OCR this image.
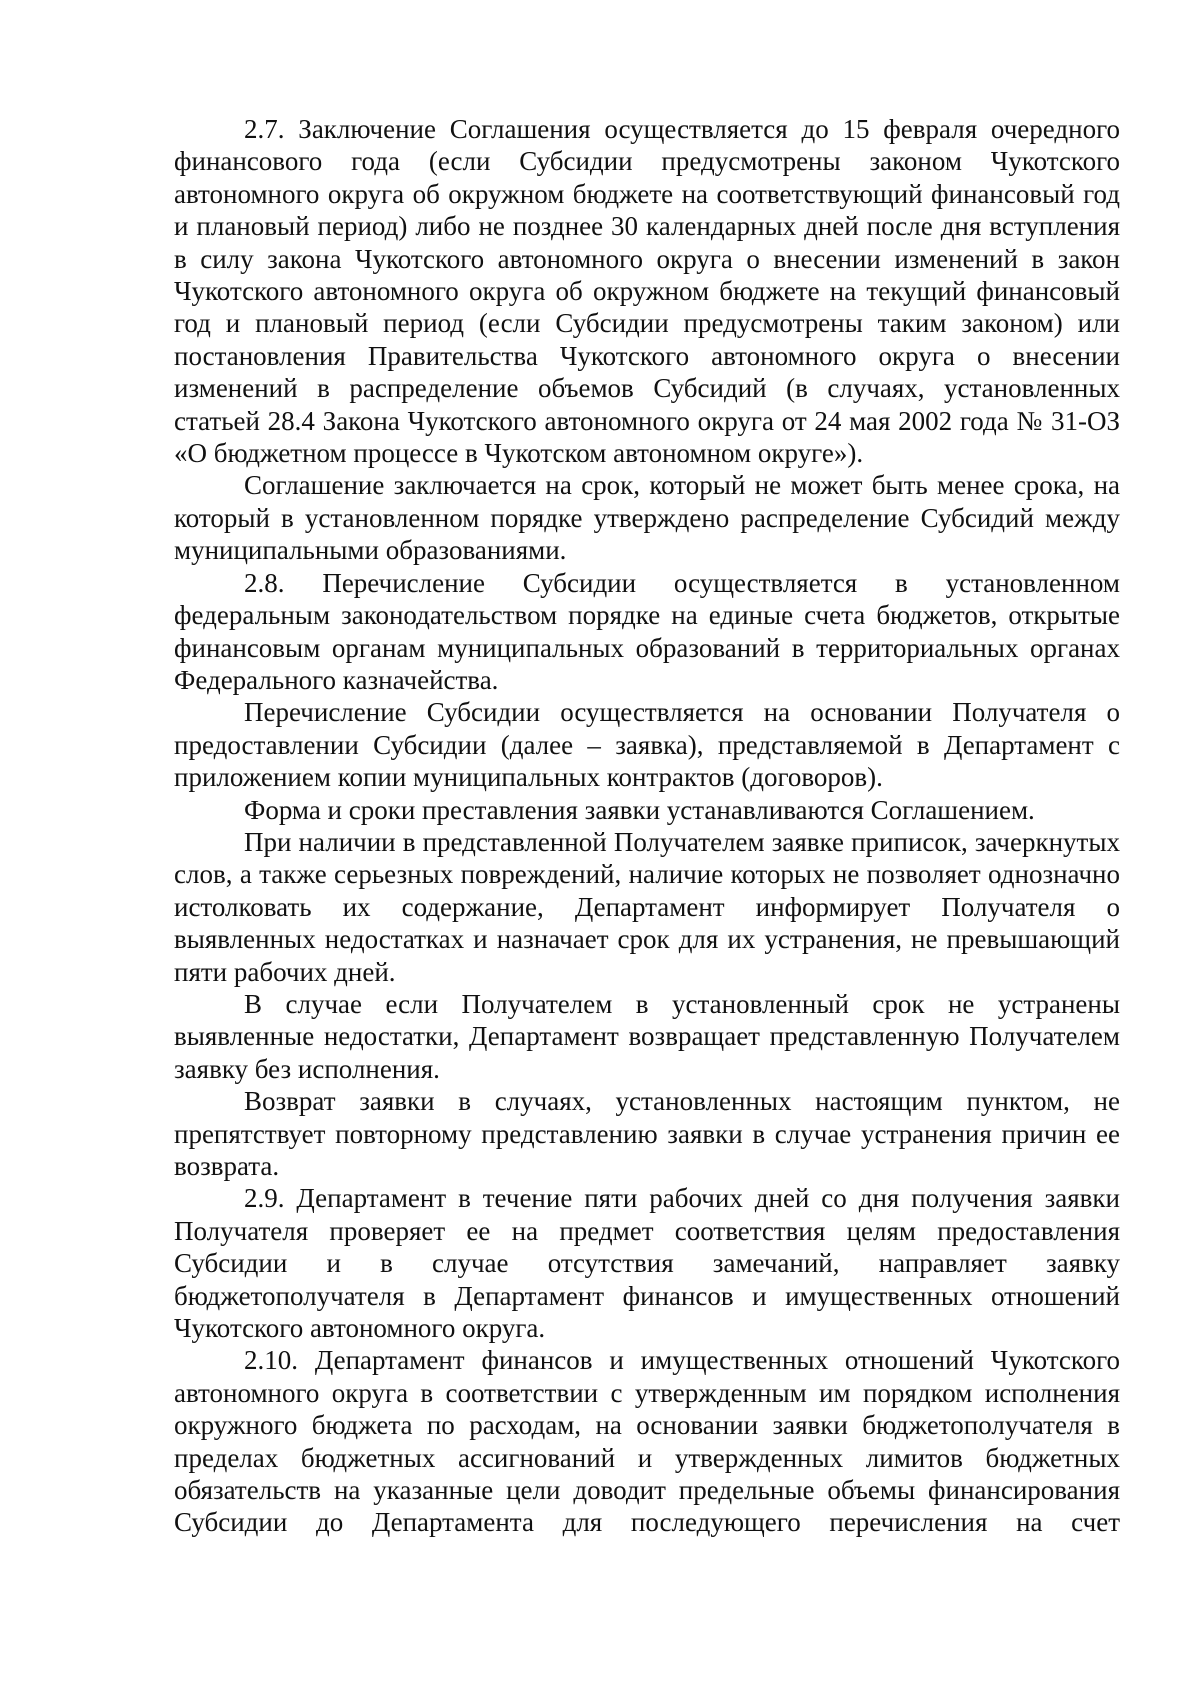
2.7. Заключение Соглашения осуществляется до 15 февраля очередного финансового года (если Субсидии предусмотрены законом Чукотского автономного округа об окружном бюджете на соответствующий финансовый год и плановый период) либо не позднее 30 календарных дней после дня вступления в силу закона Чукотского автономного округа о внесении изменений в закон Чукотского автономного округа об окружном бюджете на текущий финансовый год и плановый период (если Субсидии предусмотрены таким законом) или постановления Правительства Чукотского автономного округа о внесении изменений в распределение объемов Субсидий (в случаях, установленных статьей 28.4 Закона Чукотского автономного округа от 24 мая 2002 года № 31-ОЗ «О бюджетном процессе в Чукотском автономном округе»).

Соглашение заключается на срок, который не может быть менее срока, на который в установленном порядке утверждено распределение Субсидий между муниципальными образованиями.

2.8. Перечисление Субсидии осуществляется в установленном федеральным законодательством порядке на единые счета бюджетов, открытые финансовым органам муниципальных образований в территориальных органах Федерального казначейства.

Перечисление Субсидии осуществляется на основании Получателя о предоставлении Субсидии (далее – заявка), представляемой в Департамент с приложением копии муниципальных контрактов (договоров).

Форма и сроки преставления заявки устанавливаются Соглашением.

При наличии в представленной Получателем заявке приписок, зачеркнутых слов, а также серьезных повреждений, наличие которых не позволяет однозначно истолковать их содержание, Департамент информирует Получателя о выявленных недостатках и назначает срок для их устранения, не превышающий пяти рабочих дней.

В случае если Получателем в установленный срок не устранены выявленные недостатки, Департамент возвращает представленную Получателем заявку без исполнения.

Возврат заявки в случаях, установленных настоящим пунктом, не препятствует повторному представлению заявки в случае устранения причин ее возврата.

2.9. Департамент в течение пяти рабочих дней со дня получения заявки Получателя проверяет ее на предмет соответствия целям предоставления Субсидии и в случае отсутствия замечаний, направляет заявку бюджетополучателя в Департамент финансов и имущественных отношений Чукотского автономного округа.

2.10. Департамент финансов и имущественных отношений Чукотского автономного округа в соответствии с утвержденным им порядком исполнения окружного бюджета по расходам, на основании заявки бюджетополучателя в пределах бюджетных ассигнований и утвержденных лимитов бюджетных обязательств на указанные цели доводит предельные объемы финансирования Субсидии до Департамента для последующего перечисления на счет
